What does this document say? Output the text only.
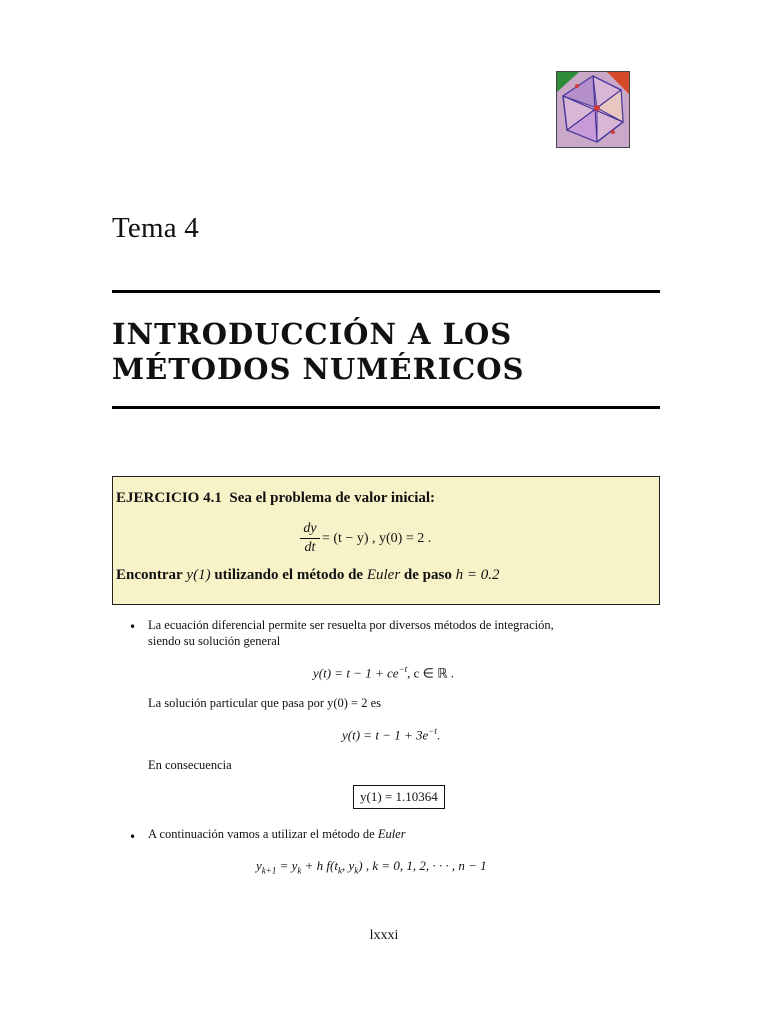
Tema 4
INTRODUCCIÓN A LOS
MÉTODOS NUMÉRICOS
EJERCICIO 4.1 Sea el problema de valor inicial:
$\frac{dy}{dt} = (t - y)$ , y(0) = 2 .
Encontrar y(1) utilizando el método de Euler de paso h = 0.2
• La ecuación diferencial permite ser resuelta por diversos métodos de integración,
siendo su solución general
$y(t) = t - 1 + ce^{-t}$, c ∈ ℝ .
La solución particular que pasa por y(0) = 2 es
$y(t) = t - 1 + 3e^{-t}$.
En consecuencia
y(1) = 1.10364
• A continuación vamos a utilizar el método de Euler
$y_{k+1} = y_k + h$ $f(t_k$, $y_k$) , k = 0, 1, 2, · · · , n − 1
lxxxi
